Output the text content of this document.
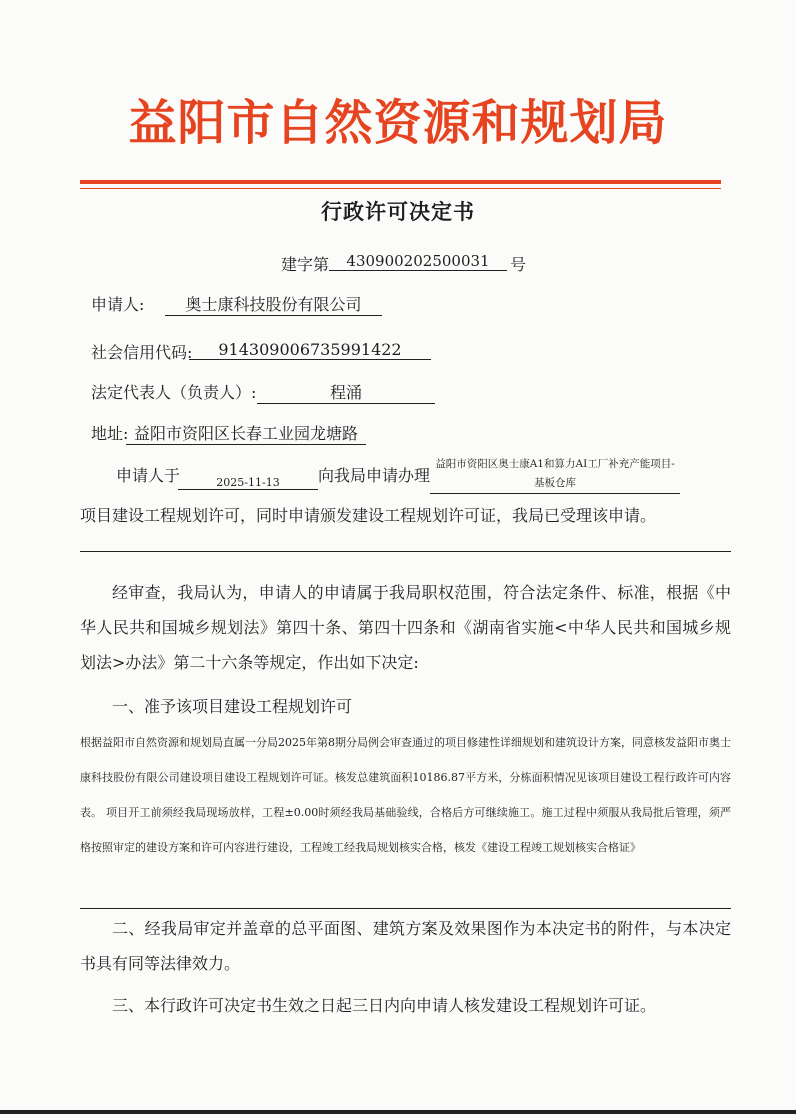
益阳市自然资源和规划局
行政许可决定书
建字第	430900202500031	号
申请人:	奥士康科技股份有限公司
社会信用代码:	914309006735991422
法定代表人（负责人）:	程涌
地址: 益阳市资阳区长春工业园龙塘路
申请人于	2025-11-13	向我局申请办理
益阳市资阳区奥士康A1和算力AI工厂补充产能项目-基板仓库
项目建设工程规划许可，同时申请颁发建设工程规划许可证，我局已受理该申请。
经审查，我局认为，申请人的申请属于我局职权范围，符合法定条件、标准，根据《中华人民共和国城乡规划法》第四十条、第四十四条和《湖南省实施<中华人民共和国城乡规划法>办法》第二十六条等规定，作出如下决定:
一、准予该项目建设工程规划许可
根据益阳市自然资源和规划局直属一分局2025年第8期分局例会审查通过的项目修建性详细规划和建筑设计方案，同意核发益阳市奥士康科技股份有限公司建设项目建设工程规划许可证。核发总建筑面积10186.87平方米，分栋面积情况见该项目建设工程行政许可内容表。 项目开工前须经我局现场放样，工程±0.00时须经我局基础验线，合格后方可继续施工。施工过程中须服从我局批后管理，须严格按照审定的建设方案和许可内容进行建设，工程竣工经我局规划核实合格，核发《建设工程竣工规划核实合格证》
二、经我局审定并盖章的总平面图、建筑方案及效果图作为本决定书的附件，与本决定书具有同等法律效力。
三、本行政许可决定书生效之日起三日内向申请人核发建设工程规划许可证。
